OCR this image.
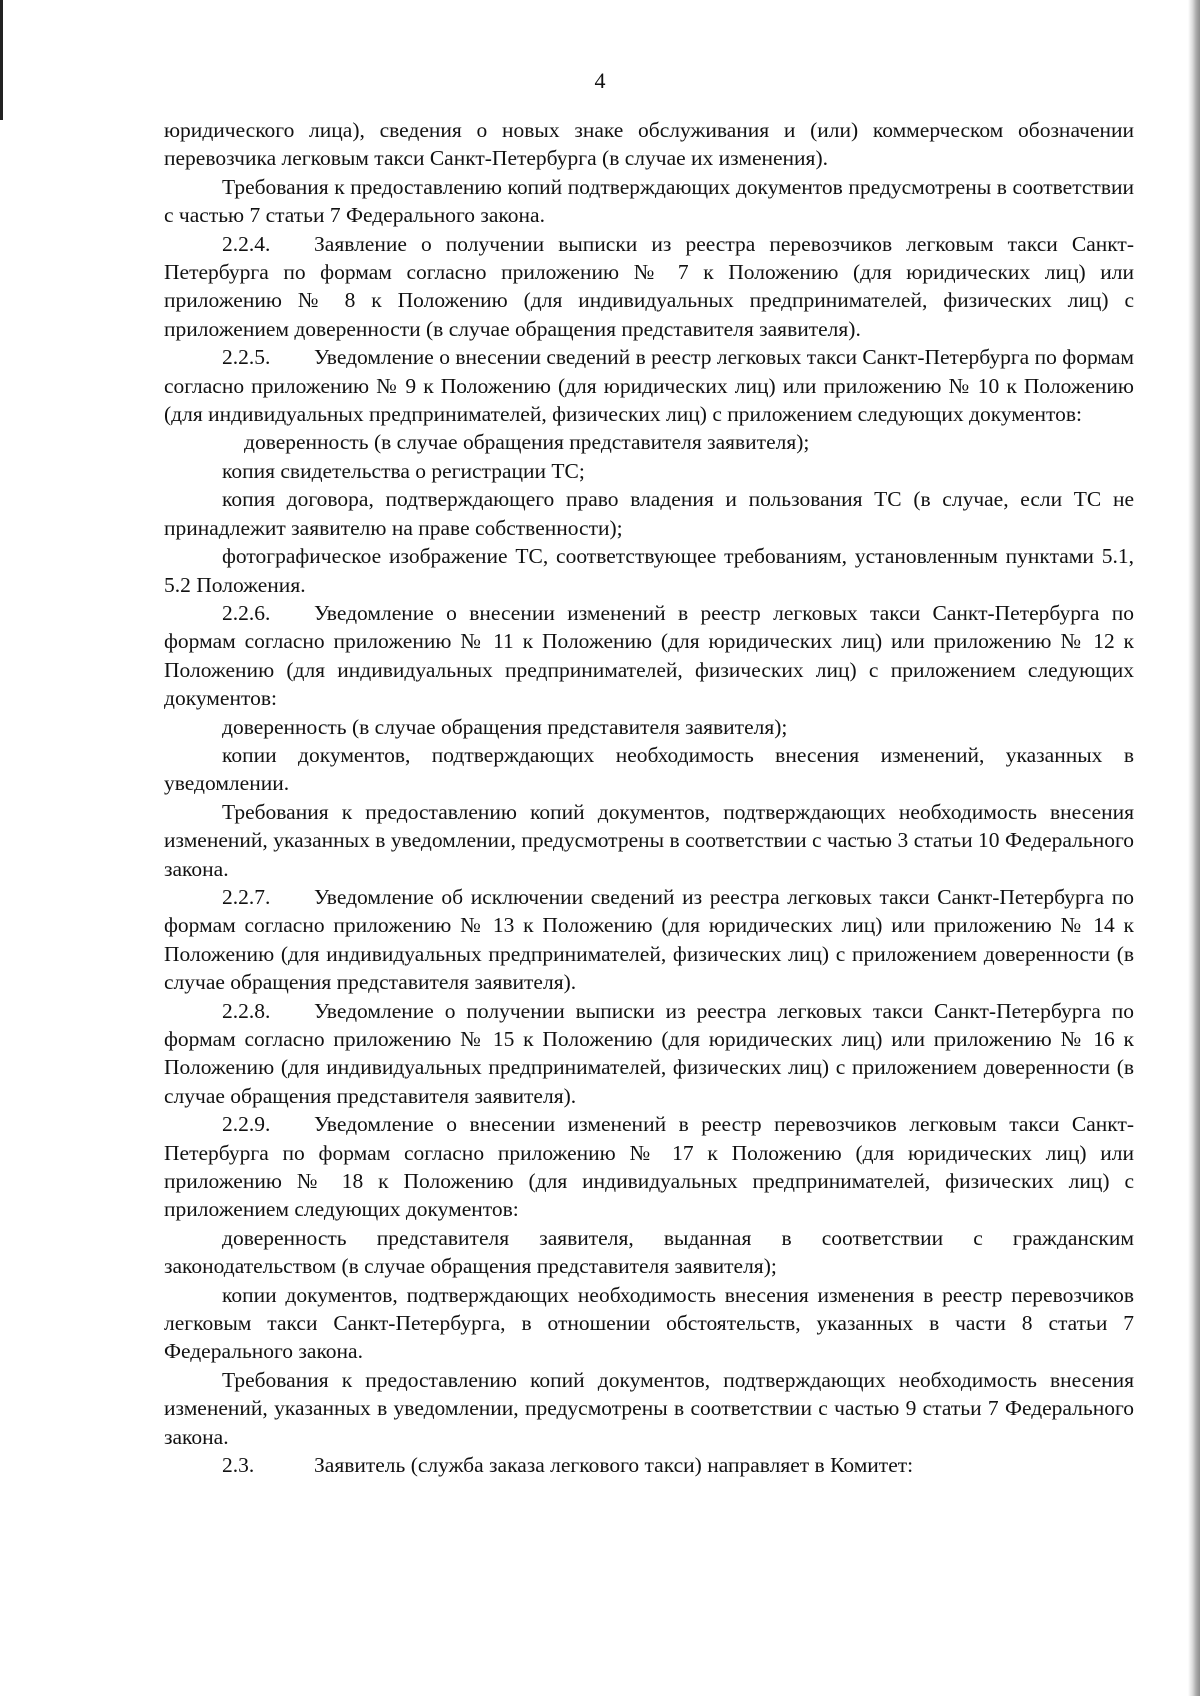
4

юридического лица), сведения о новых знаке обслуживания и (или) коммерческом обозначении перевозчика легковым такси Санкт-Петербурга (в случае их изменения).

Требования к предоставлению копий подтверждающих документов предусмотрены в соответствии с частью 7 статьи 7 Федерального закона.

2.2.4. Заявление о получении выписки из реестра перевозчиков легковым такси Санкт-Петербурга по формам согласно приложению № 7 к Положению (для юридических лиц) или приложению № 8 к Положению (для индивидуальных предпринимателей, физических лиц) с приложением доверенности (в случае обращения представителя заявителя).

2.2.5. Уведомление о внесении сведений в реестр легковых такси Санкт-Петербурга по формам согласно приложению № 9 к Положению (для юридических лиц) или приложению № 10 к Положению (для индивидуальных предпринимателей, физических лиц) с приложением следующих документов:

доверенность (в случае обращения представителя заявителя);

копия свидетельства о регистрации ТС;

копия договора, подтверждающего право владения и пользования ТС (в случае, если ТС не принадлежит заявителю на праве собственности);

фотографическое изображение ТС, соответствующее требованиям, установленным пунктами 5.1, 5.2 Положения.

2.2.6. Уведомление о внесении изменений в реестр легковых такси Санкт-Петербурга по формам согласно приложению № 11 к Положению (для юридических лиц) или приложению № 12 к Положению (для индивидуальных предпринимателей, физических лиц) с приложением следующих документов:

доверенность (в случае обращения представителя заявителя);

копии документов, подтверждающих необходимость внесения изменений, указанных в уведомлении.

Требования к предоставлению копий документов, подтверждающих необходимость внесения изменений, указанных в уведомлении, предусмотрены в соответствии с частью 3 статьи 10 Федерального закона.

2.2.7. Уведомление об исключении сведений из реестра легковых такси Санкт-Петербурга по формам согласно приложению № 13 к Положению (для юридических лиц) или приложению № 14 к Положению (для индивидуальных предпринимателей, физических лиц) с приложением доверенности (в случае обращения представителя заявителя).

2.2.8. Уведомление о получении выписки из реестра легковых такси Санкт-Петербурга по формам согласно приложению № 15 к Положению (для юридических лиц) или приложению № 16 к Положению (для индивидуальных предпринимателей, физических лиц) с приложением доверенности (в случае обращения представителя заявителя).

2.2.9. Уведомление о внесении изменений в реестр перевозчиков легковым такси Санкт-Петербурга по формам согласно приложению № 17 к Положению (для юридических лиц) или приложению № 18 к Положению (для индивидуальных предпринимателей, физических лиц) с приложением следующих документов:

доверенность представителя заявителя, выданная в соответствии с гражданским законодательством (в случае обращения представителя заявителя);

копии документов, подтверждающих необходимость внесения изменения в реестр перевозчиков легковым такси Санкт-Петербурга, в отношении обстоятельств, указанных в части 8 статьи 7 Федерального закона.

Требования к предоставлению копий документов, подтверждающих необходимость внесения изменений, указанных в уведомлении, предусмотрены в соответствии с частью 9 статьи 7 Федерального закона.

2.3.	Заявитель (служба заказа легкового такси) направляет в Комитет:
